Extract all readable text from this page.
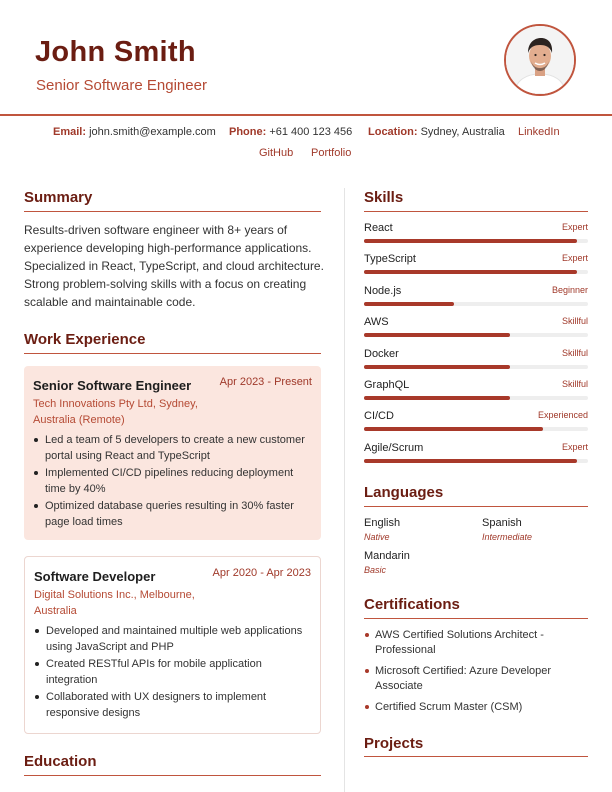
John Smith
Senior Software Engineer
Email: john.smith@example.com Phone: +61 400 123 456 Location: Sydney, Australia LinkedIn
GitHub Portfolio
Summary

Results-driven software engineer with 8+ years of experience developing high-performance applications. Specialized in React, TypeScript, and cloud architecture. Strong problem-solving skills with a focus on creating scalable and maintainable code.

Work Experience
Senior Software Engineer	Apr 2023 - Present
Tech Innovations Pty Ltd, Sydney, Australia (Remote)
Led a team of 5 developers to create a new customer portal using React and TypeScript
Implemented CI/CD pipelines reducing deployment time by 40%
Optimized database queries resulting in 30% faster page load times
Software Developer	Apr 2020 - Apr 2023
Digital Solutions Inc., Melbourne, Australia
Developed and maintained multiple web applications using JavaScript and PHP
Created RESTful APIs for mobile application integration
Collaborated with UX designers to implement responsive designs
Education
Skills
React	Expert
TypeScript	Expert
Node.js	Beginner
AWS	Skillful
Docker	Skillful
GraphQL	Skillful
CI/CD	Experienced
Agile/Scrum	Expert
Languages
English
Native
Spanish
Intermediate
Mandarin
Basic
Certifications
AWS Certified Solutions Architect - Professional
Microsoft Certified: Azure Developer Associate
Certified Scrum Master (CSM)
Projects
